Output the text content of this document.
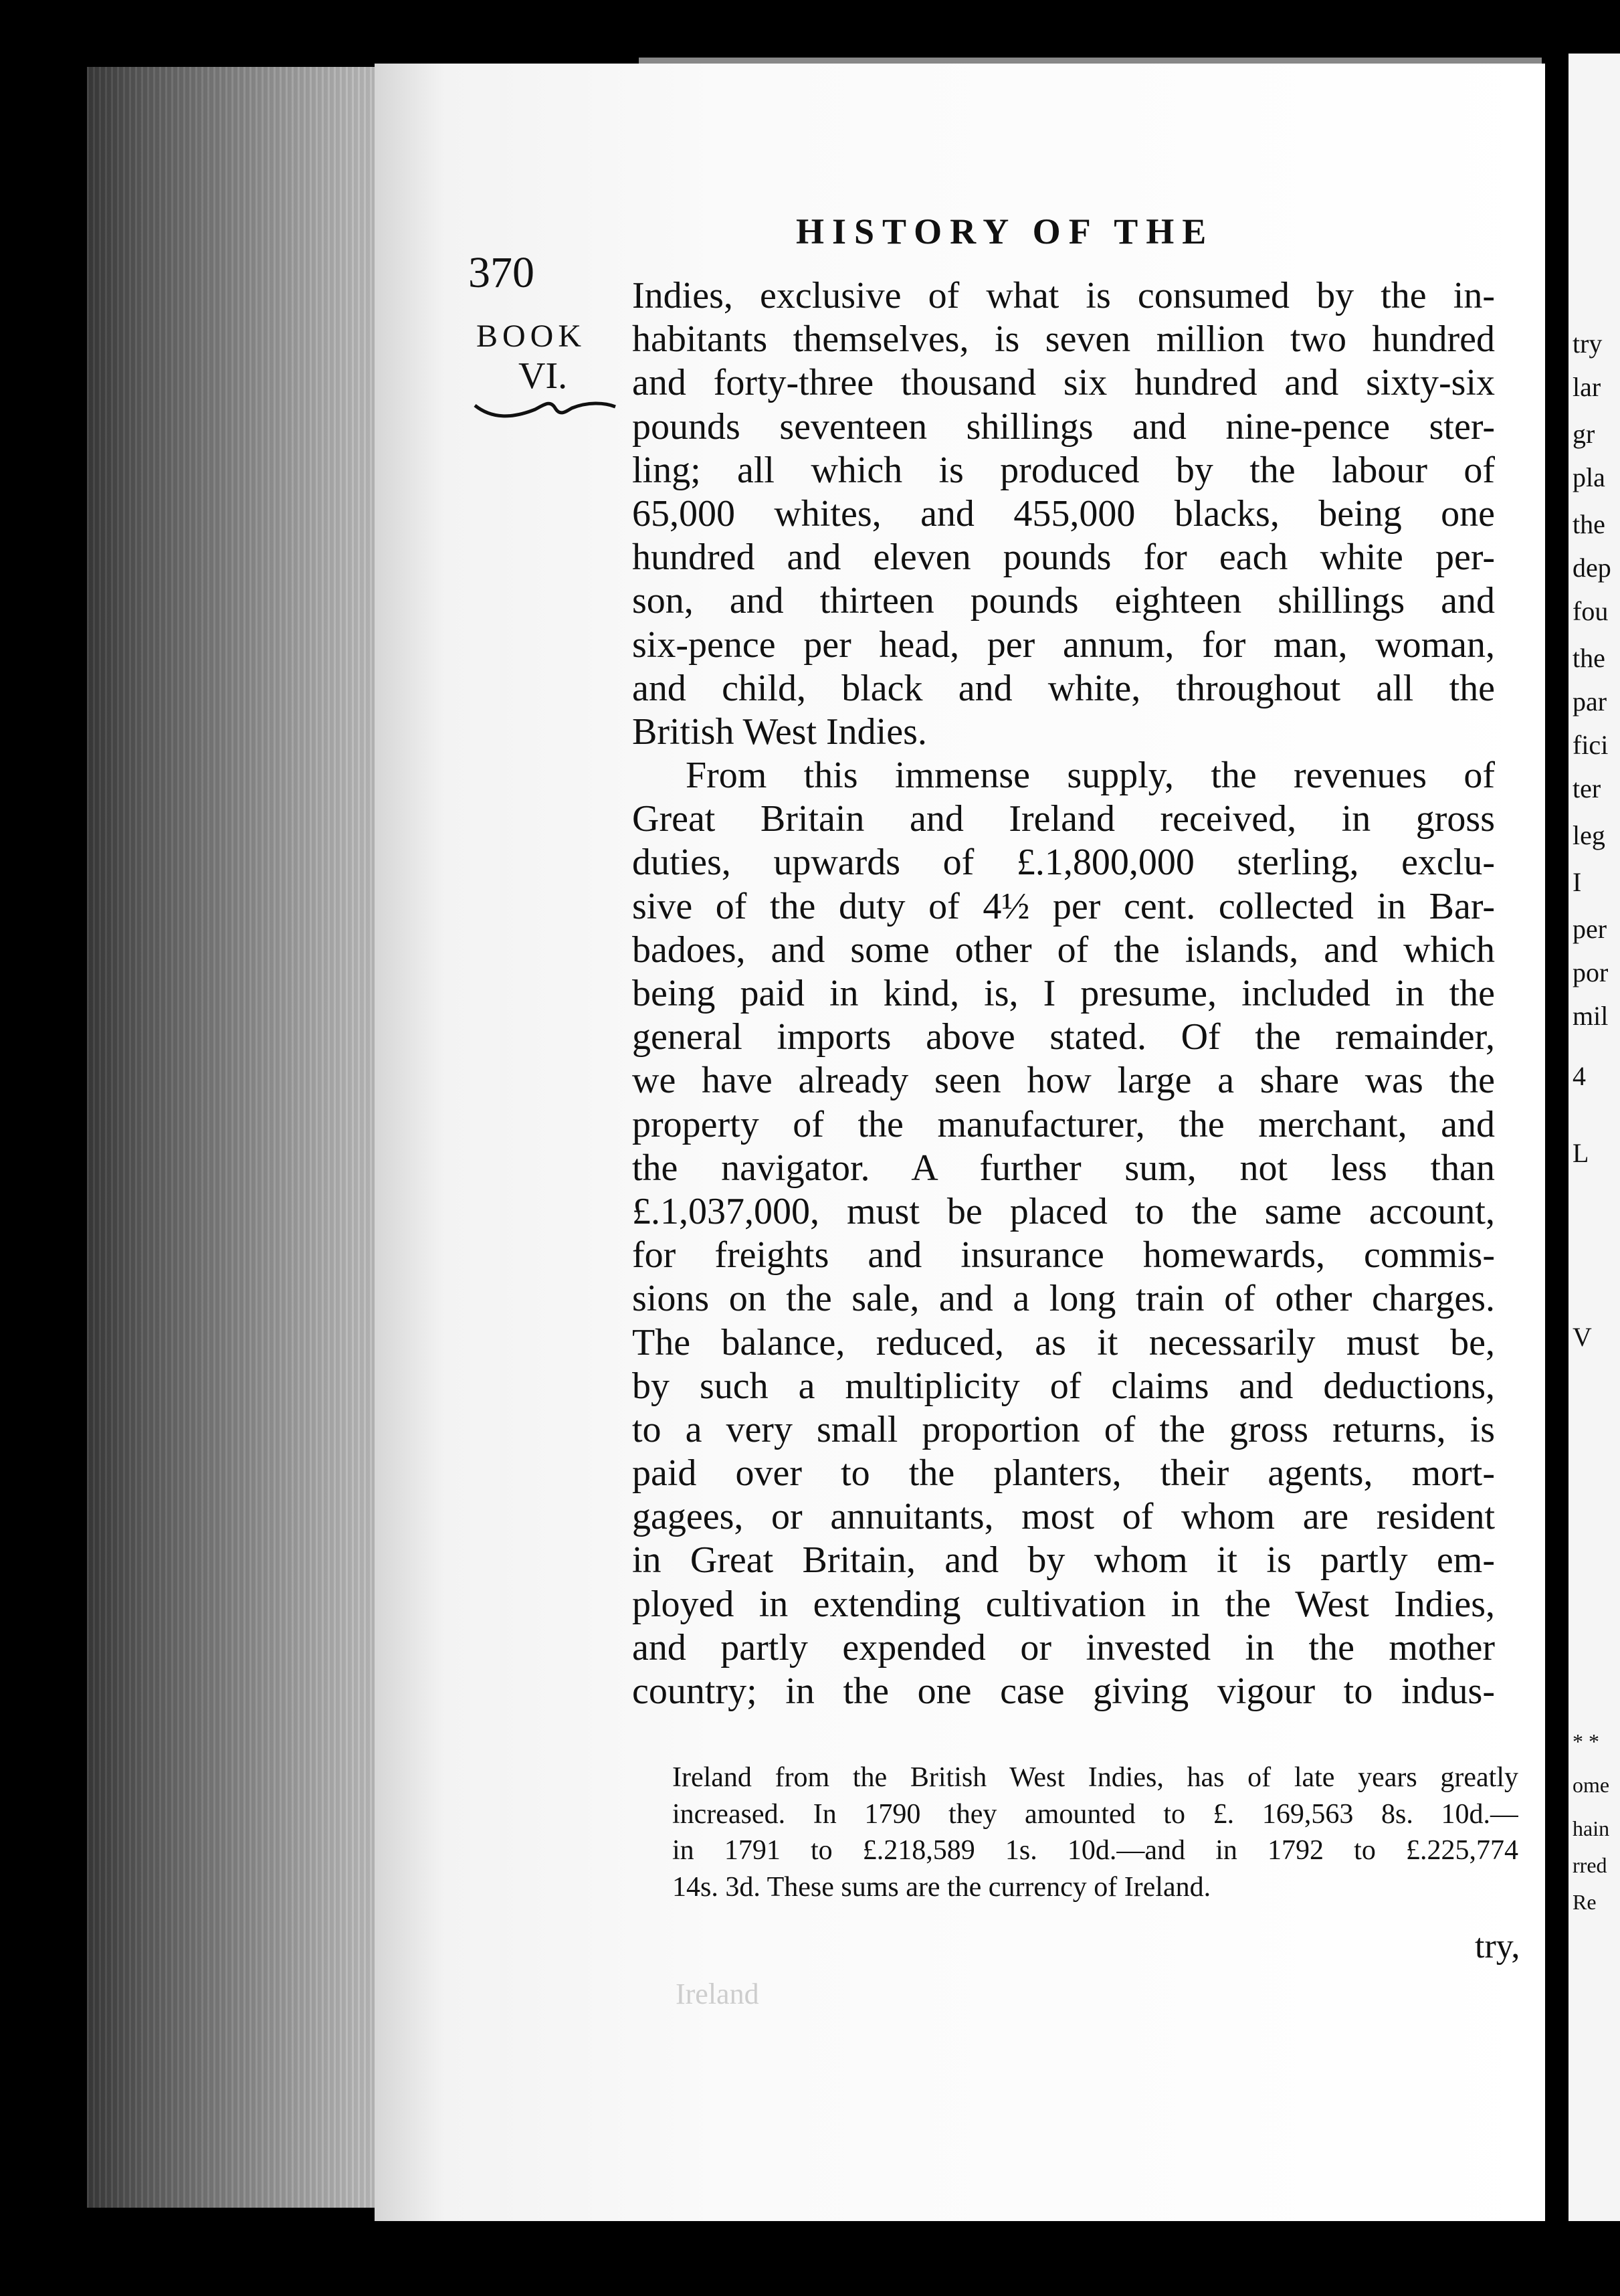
try
lar
gr
pla
the
dep
fou
the
par
fici
ter
leg
I
per
por
mil
4
L
V
* *
ome
hain
rred
Re
370
HISTORY OF THE
BOOK
VI.
Indies, exclusive of what is consumed by the in-
habitants themselves, is seven million two hundred
and forty-three thousand six hundred and sixty-six
pounds seventeen shillings and nine-pence ster-
ling; all which is produced by the labour of
65,000 whites, and 455,000 blacks, being one
hundred and eleven pounds for each white per-
son, and thirteen pounds eighteen shillings and
six-pence per head, per annum, for man, woman,
and child, black and white, throughout all the
British West Indies.
From this immense supply, the revenues of
Great Britain and Ireland received, in gross
duties, upwards of £.1,800,000 sterling, exclu-
sive of the duty of 4½ per cent. collected in Bar-
badoes, and some other of the islands, and which
being paid in kind, is, I presume, included in the
general imports above stated. Of the remainder,
we have already seen how large a share was the
property of the manufacturer, the merchant, and
the navigator. A further sum, not less than
£.1,037,000, must be placed to the same account,
for freights and insurance homewards, commis-
sions on the sale, and a long train of other charges.
The balance, reduced, as it necessarily must be,
by such a multiplicity of claims and deductions,
to a very small proportion of the gross returns, is
paid over to the planters, their agents, mort-
gagees, or annuitants, most of whom are resident
in Great Britain, and by whom it is partly em-
ployed in extending cultivation in the West Indies,
and partly expended or invested in the mother
country; in the one case giving vigour to indus-
Ireland from the British West Indies, has of late years greatly
increased. In 1790 they amounted to £. 169,563 8s. 10d.—
in 1791 to £.218,589 1s. 10d.—and in 1792 to £.225,774
14s. 3d. These sums are the currency of Ireland.
try,
Ireland
